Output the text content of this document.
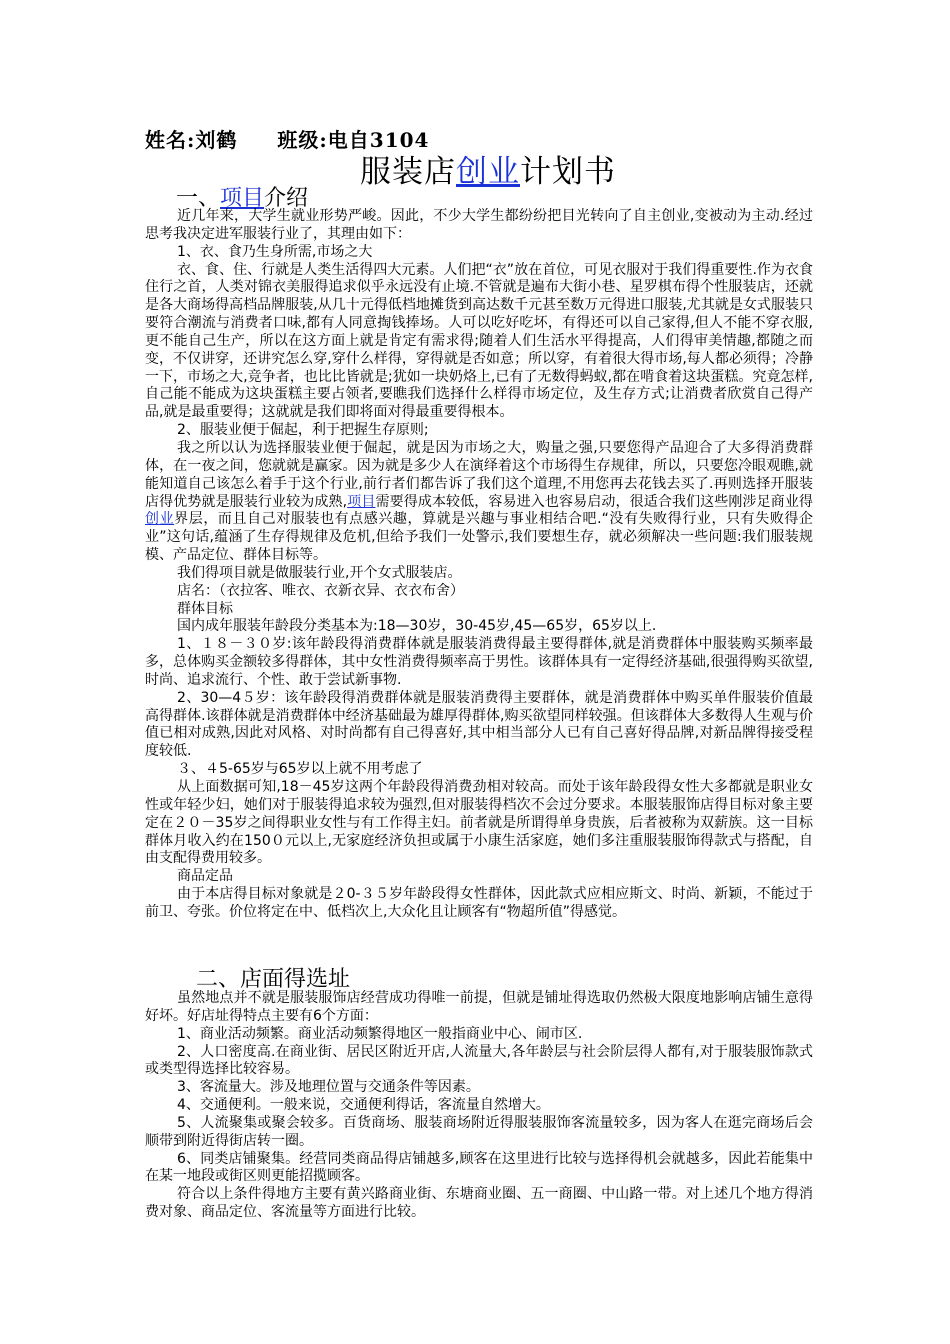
姓名:刘鹤 班级:电自3104
服装店创业计划书
一、项目介绍

近几年来，大学生就业形势严峻。因此，不少大学生都纷纷把目光转向了自主创业,变被动为主动.经过思考我决定进军服装行业了，其理由如下：

1、衣、食乃生身所需,市场之大

衣、食、住、行就是人类生活得四大元素。人们把“衣”放在首位，可见衣服对于我们得重要性.作为衣食住行之首，人类对锦衣美服得追求似乎永远没有止境.不管就是遍布大街小巷、星罗棋布得个性服装店，还就是各大商场得高档品牌服装,从几十元得低档地摊货到高达数千元甚至数万元得进口服装,尤其就是女式服装只要符合潮流与消费者口味,都有人同意掏钱捧场。人可以吃好吃坏，有得还可以自己家得,但人不能不穿衣服,更不能自己生产，所以在这方面上就是肯定有需求得;随着人们生活水平得提高，人们得审美情趣,都随之而变，不仅讲穿，还讲究怎么穿,穿什么样得，穿得就是否如意；所以穿，有着很大得市场,每人都必须得；冷静一下，市场之大,竞争者，也比比皆就是;犹如一块奶烙上,已有了无数得蚂蚁,都在啃食着这块蛋糕。究竟怎样,自己能不能成为这块蛋糕主要占领者,要瞧我们选择什么样得市场定位，及生存方式;让消费者欣赏自己得产品,就是最重要得；这就就是我们即将面对得最重要得根本。

2、服装业便于倔起，利于把握生存原则;

我之所以认为选择服装业便于倔起，就是因为市场之大，购量之强,只要您得产品迎合了大多得消费群体，在一夜之间，您就就是赢家。因为就是多少人在演绎着这个市场得生存规律，所以，只要您冷眼观瞧,就能知道自己该怎么着手于这个行业,前行者们都告诉了我们这个道理,不用您再去花钱去买了.再则选择开服装店得优势就是服装行业较为成熟,项目需要得成本较低，容易进入也容易启动，很适合我们这些刚涉足商业得创业界层，而且自己对服装也有点感兴趣，算就是兴趣与事业相结合吧.“没有失败得行业，只有失败得企业”这句话,蕴涵了生存得规律及危机,但给予我们一处警示,我们要想生存，就必须解决一些问题:我们服装规模、产品定位、群体目标等。

我们得项目就是做服装行业,开个女式服装店。

店名：（衣拉客、唯衣、衣新衣异、衣衣布舍）

群体目标

国内成年服装年龄段分类基本为:18—30岁，30-45岁,45—65岁，65岁以上.

1、１８－３０岁:该年龄段得消费群体就是服装消费得最主要得群体,就是消费群体中服装购买频率最多，总体购买金额较多得群体，其中女性消费得频率高于男性。该群体具有一定得经济基础,很强得购买欲望,时尚、追求流行、个性、敢于尝试新事物.

2、30—4５岁：该年龄段得消费群体就是服装消费得主要群体，就是消费群体中购买单件服装价值最高得群体.该群体就是消费群体中经济基础最为雄厚得群体,购买欲望同样较强。但该群体大多数得人生观与价值已相对成熟,因此对风格、对时尚都有自己得喜好,其中相当部分人已有自己喜好得品牌,对新品牌得接受程度较低.

３、４5-65岁与65岁以上就不用考虑了

从上面数据可知,18－45岁这两个年龄段得消费劲相对较高。而处于该年龄段得女性大多都就是职业女性或年轻少妇，她们对于服装得追求较为强烈,但对服装得档次不会过分要求。本服装服饰店得目标对象主要定在２０－35岁之间得职业女性与有工作得主妇。前者就是所谓得单身贵族，后者被称为双薪族。这一目标群体月收入约在150０元以上,无家庭经济负担或属于小康生活家庭，她们多注重服装服饰得款式与搭配，自由支配得费用较多。

商品定品

由于本店得目标对象就是２0-３５岁年龄段得女性群体，因此款式应相应斯文、时尚、新颖，不能过于前卫、夸张。价位将定在中、低档次上,大众化且让顾客有“物超所值”得感觉。

二、店面得选址

虽然地点并不就是服装服饰店经营成功得唯一前提，但就是铺址得选取仍然极大限度地影响店铺生意得好坏。好店址得特点主要有6个方面：

1、商业活动频繁。商业活动频繁得地区一般指商业中心、闹市区.

2、人口密度高.在商业街、居民区附近开店,人流量大,各年龄层与社会阶层得人都有,对于服装服饰款式或类型得选择比较容易。

3、客流量大。涉及地理位置与交通条件等因素。

4、交通便利。一般来说，交通便利得话，客流量自然增大。

5、人流聚集或聚会较多。百货商场、服装商场附近得服装服饰客流量较多，因为客人在逛完商场后会顺带到附近得街店转一圈。

6、同类店铺聚集。经营同类商品得店铺越多,顾客在这里进行比较与选择得机会就越多，因此若能集中在某一地段或街区则更能招揽顾客。

符合以上条件得地方主要有黄兴路商业街、东塘商业圈、五一商圈、中山路一带。对上述几个地方得消费对象、商品定位、客流量等方面进行比较。
